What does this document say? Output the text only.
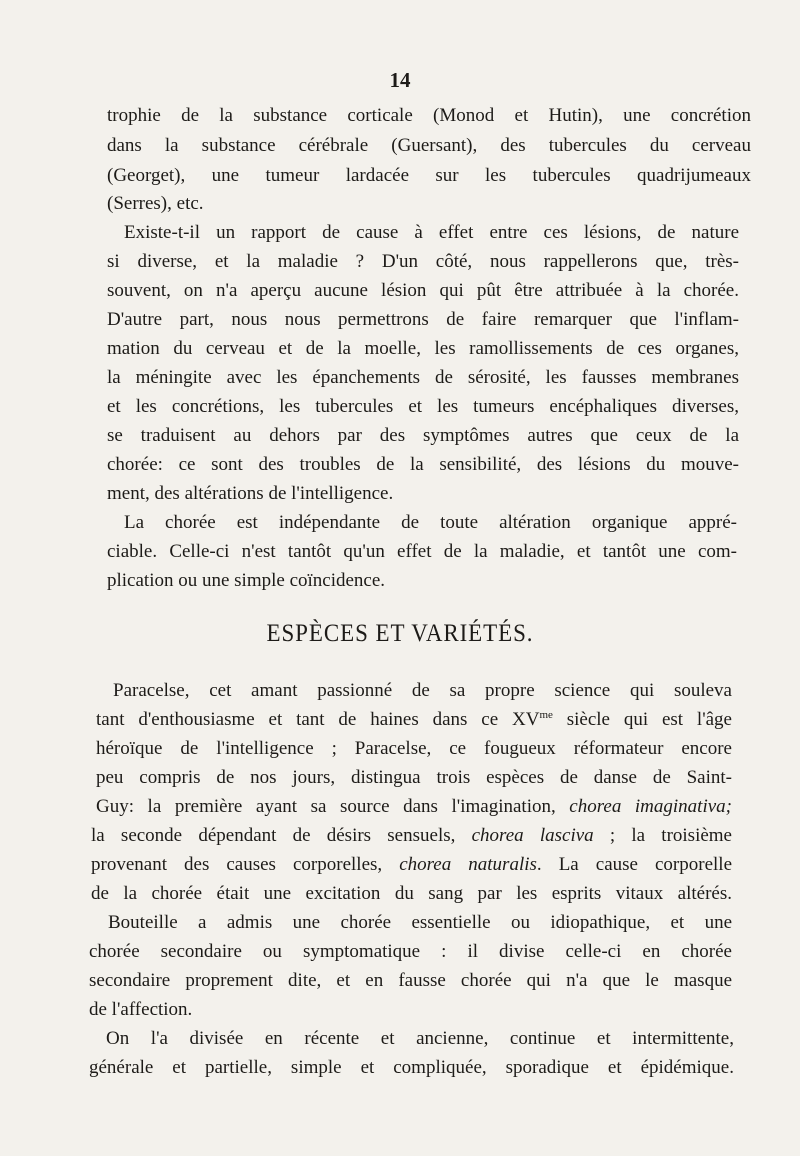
14
trophie de la substance corticale (Monod et Hutin), une concrétion
dans la substance cérébrale (Guersant), des tubercules du cerveau
(Georget), une tumeur lardacée sur les tubercules quadrijumeaux
(Serres), etc.
Existe-t-il un rapport de cause à effet entre ces lésions, de nature
si diverse, et la maladie ? D'un côté, nous rappellerons que, très-
souvent, on n'a aperçu aucune lésion qui pût être attribuée à la chorée.
D'autre part, nous nous permettrons de faire remarquer que l'inflam-
mation du cerveau et de la moelle, les ramollissements de ces organes,
la méningite avec les épanchements de sérosité, les fausses membranes
et les concrétions, les tubercules et les tumeurs encéphaliques diverses,
se traduisent au dehors par des symptômes autres que ceux de la
chorée: ce sont des troubles de la sensibilité, des lésions du mouve-
ment, des altérations de l'intelligence.
La chorée est indépendante de toute altération organique appré-
ciable. Celle-ci n'est tantôt qu'un effet de la maladie, et tantôt une com-
plication ou une simple coïncidence.
ESPÈCES ET VARIÉTÉS.
Paracelse, cet amant passionné de sa propre science qui souleva
tant d'enthousiasme et tant de haines dans ce $XV^{me}$ siècle qui est l'âge
héroïque de l'intelligence ; Paracelse, ce fougueux réformateur encore
peu compris de nos jours, distingua trois espèces de danse de Saint-
Guy: la première ayant sa source dans l'imagination, chorea imaginativa;
la seconde dépendant de désirs sensuels, chorea lasciva ; la troisième
provenant des causes corporelles, chorea naturalis. La cause corporelle
de la chorée était une excitation du sang par les esprits vitaux altérés.
Bouteille a admis une chorée essentielle ou idiopathique, et une
chorée secondaire ou symptomatique : il divise celle-ci en chorée
secondaire proprement dite, et en fausse chorée qui n'a que le masque
de l'affection.
On l'a divisée en récente et ancienne, continue et intermittente,
générale et partielle, simple et compliquée, sporadique et épidémique.
